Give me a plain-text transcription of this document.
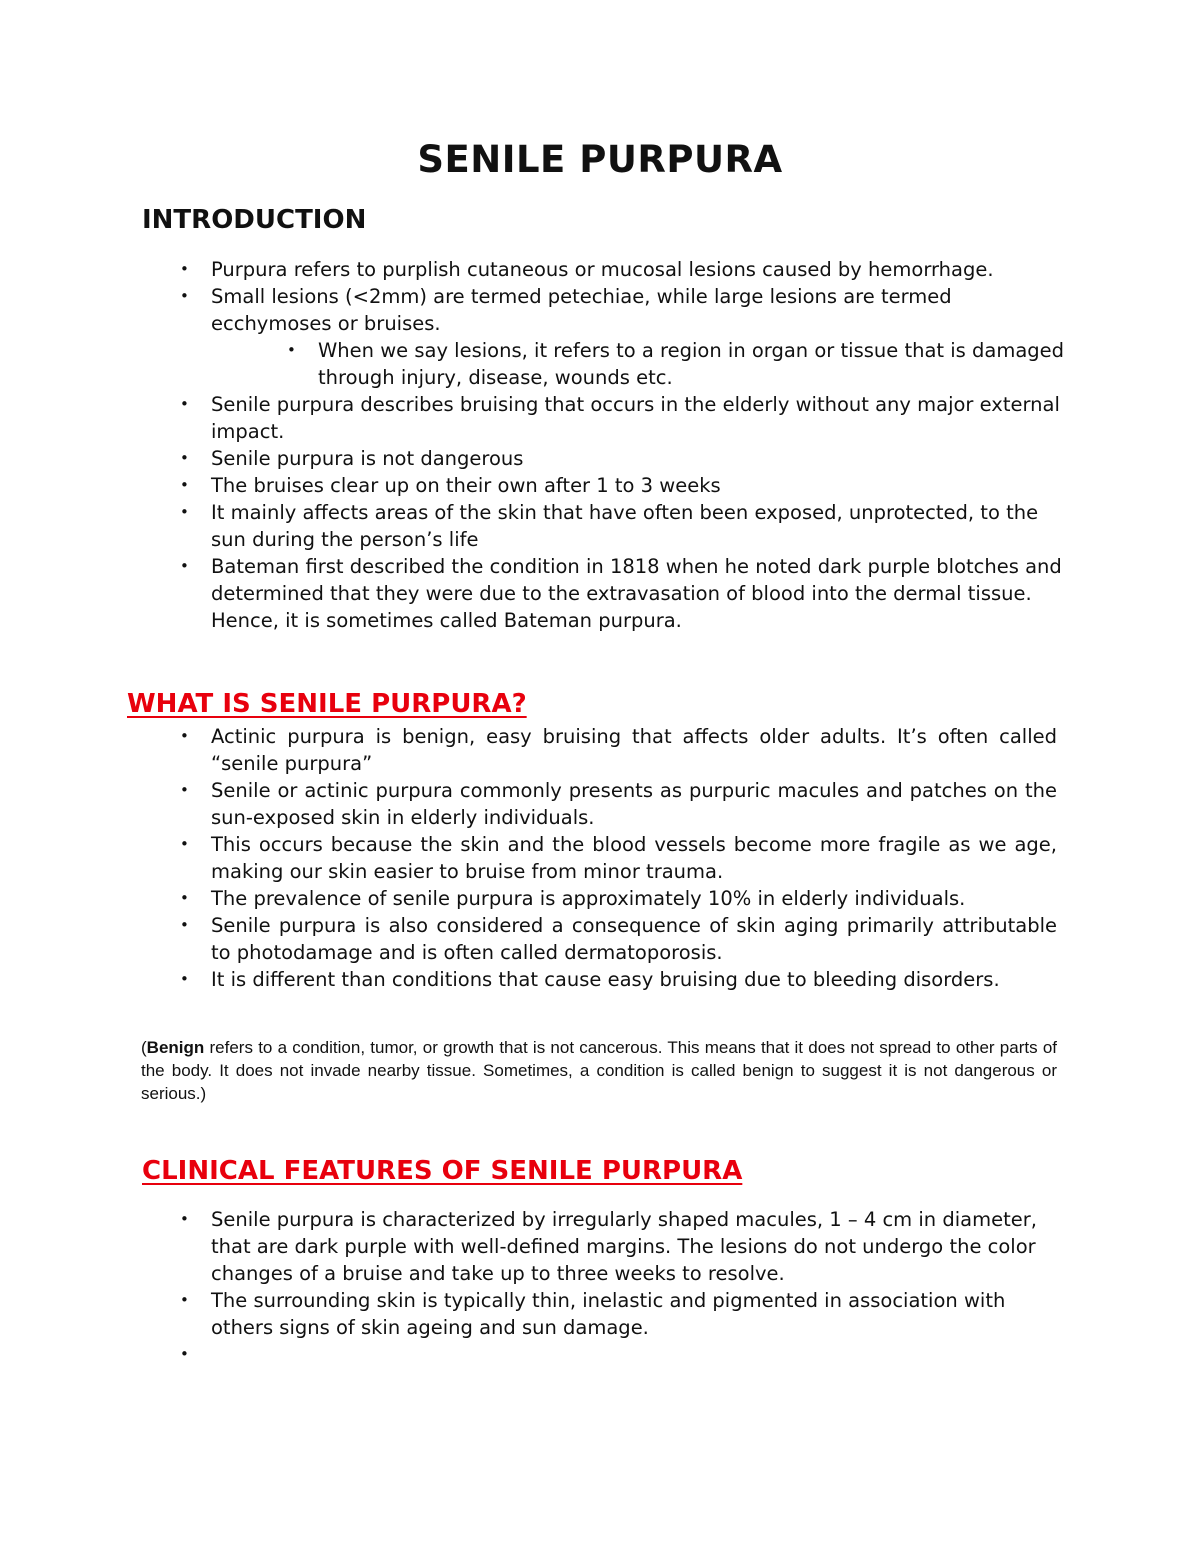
SENILE PURPURA
INTRODUCTION
• Purpura refers to purplish cutaneous or mucosal lesions caused by hemorrhage.
• Small lesions (<2mm) are termed petechiae, while large lesions are termed ecchymoses or bruises.
• When we say lesions, it refers to a region in organ or tissue that is damaged through injury, disease, wounds etc.
• Senile purpura describes bruising that occurs in the elderly without any major external impact.
• Senile purpura is not dangerous
• The bruises clear up on their own after 1 to 3 weeks
• It mainly affects areas of the skin that have often been exposed, unprotected, to the sun during the person’s life
• Bateman first described the condition in 1818 when he noted dark purple blotches and determined that they were due to the extravasation of blood into the dermal tissue. Hence, it is sometimes called Bateman purpura.
WHAT IS SENILE PURPURA?
• Actinic purpura is benign, easy bruising that affects older adults. It’s often called “senile purpura”
• Senile or actinic purpura commonly presents as purpuric macules and patches on the sun-exposed skin in elderly individuals.
• This occurs because the skin and the blood vessels become more fragile as we age, making our skin easier to bruise from minor trauma.
• The prevalence of senile purpura is approximately 10% in elderly individuals.
• Senile purpura is also considered a consequence of skin aging primarily attributable to photodamage and is often called dermatoporosis.
• It is different than conditions that cause easy bruising due to bleeding disorders.

(Benign refers to a condition, tumor, or growth that is not cancerous. This means that it does not spread to other parts of the body. It does not invade nearby tissue. Sometimes, a condition is called benign to suggest it is not dangerous or serious.)

CLINICAL FEATURES OF SENILE PURPURA
• Senile purpura is characterized by irregularly shaped macules, 1 – 4 cm in diameter, that are dark purple with well-defined margins. The lesions do not undergo the color changes of a bruise and take up to three weeks to resolve.
• The surrounding skin is typically thin, inelastic and pigmented in association with others signs of skin ageing and sun damage.
•
